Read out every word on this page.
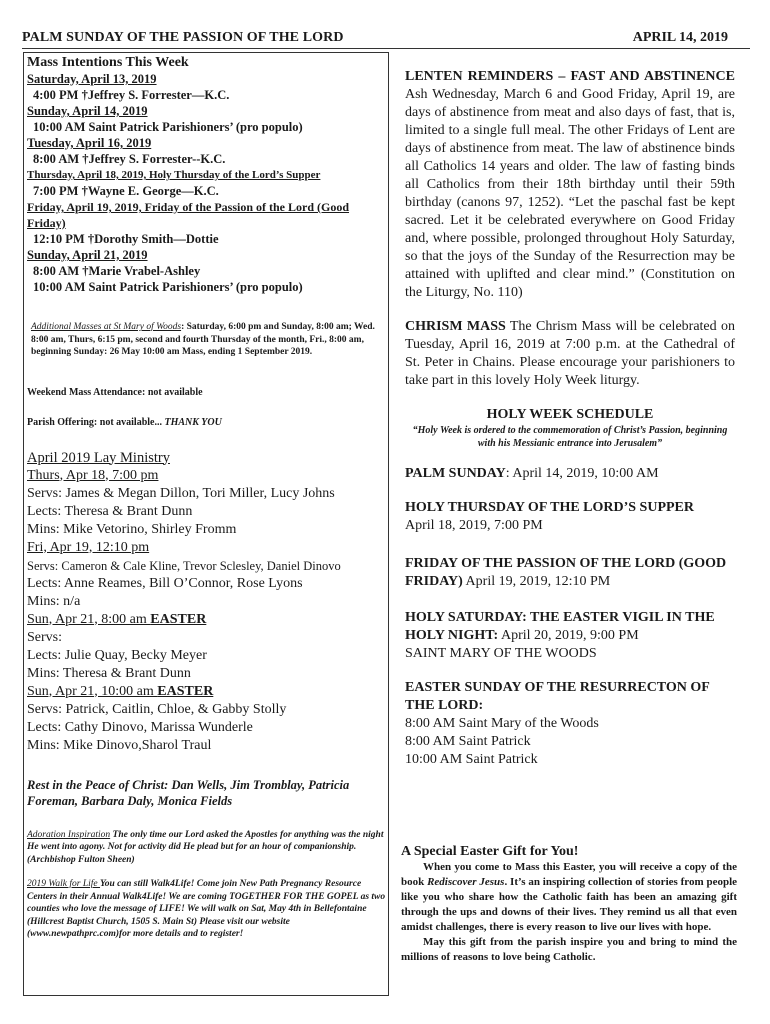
PALM SUNDAY OF THE PASSION OF THE LORD	APRIL 14, 2019
Mass Intentions This Week
Saturday, April 13, 2019
4:00 PM †Jeffrey S. Forrester—K.C.
Sunday, April 14, 2019
10:00 AM Saint Patrick Parishioners’ (pro populo)
Tuesday, April 16, 2019
8:00 AM †Jeffrey S. Forrester--K.C.
Thursday, April 18, 2019, Holy Thursday of the Lord’s Supper
7:00 PM †Wayne E. George—K.C.
Friday, April 19, 2019, Friday of the Passion of the Lord (Good Friday)
12:10 PM †Dorothy Smith—Dottie
Sunday, April 21, 2019
8:00 AM †Marie Vrabel-Ashley
10:00 AM Saint Patrick Parishioners’ (pro populo)
Additional Masses at St Mary of Woods: Saturday, 6:00 pm and Sunday, 8:00 am; Wed. 8:00 am, Thurs, 6:15 pm, second and fourth Thursday of the month, Fri., 8:00 am, beginning Sunday: 26 May 10:00 am Mass, ending 1 September 2019.
Weekend Mass Attendance: not available
Parish Offering: not available... THANK YOU
April 2019 Lay Ministry
Thurs, Apr 18, 7:00 pm
Servs: James & Megan Dillon, Tori Miller, Lucy Johns
Lects: Theresa & Brant Dunn
Mins: Mike Vetorino, Shirley Fromm
Fri, Apr 19, 12:10 pm
Servs: Cameron & Cale Kline, Trevor Sclesley, Daniel Dinovo
Lects: Anne Reames, Bill O’Connor, Rose Lyons
Mins: n/a
Sun, Apr 21, 8:00 am EASTER
Servs:
Lects: Julie Quay, Becky Meyer
Mins: Theresa & Brant Dunn
Sun, Apr 21, 10:00 am EASTER
Servs: Patrick, Caitlin, Chloe, & Gabby Stolly
Lects: Cathy Dinovo, Marissa Wunderle
Mins: Mike Dinovo,Sharol Traul
Rest in the Peace of Christ: Dan Wells, Jim Tromblay, Patricia Foreman, Barbara Daly, Monica Fields
Adoration Inspiration The only time our Lord asked the Apostles for anything was the night He went into agony. Not for activity did He plead but for an hour of companionship. (Archbishop Fulton Sheen)
2019 Walk for Life You can still Walk4Life! Come join New Path Pregnancy Resource Centers in their Annual Walk4Life! We are coming TOGETHER FOR THE GOPEL as two counties who love the message of LIFE! We will walk on Sat, May 4th in Bellefontaine (Hillcrest Baptist Church, 1505 S. Main St) Please visit our website (www.newpathprc.com)for more details and to register!
LENTEN REMINDERS – FAST AND ABSTINENCE Ash Wednesday, March 6 and Good Friday, April 19, are days of abstinence from meat and also days of fast, that is, limited to a single full meal. The other Fridays of Lent are days of abstinence from meat. The law of abstinence binds all Catholics 14 years and older. The law of fasting binds all Catholics from their 18th birthday until their 59th birthday (canons 97, 1252). “Let the paschal fast be kept sacred. Let it be celebrated everywhere on Good Friday and, where possible, prolonged throughout Holy Saturday, so that the joys of the Sunday of the Resurrection may be attained with uplifted and clear mind.” (Constitution on the Liturgy, No. 110)
CHRISM MASS The Chrism Mass will be celebrated on Tuesday, April 16, 2019 at 7:00 p.m. at the Cathedral of St. Peter in Chains. Please encourage your parishioners to take part in this lovely Holy Week liturgy.
HOLY WEEK SCHEDULE
“Holy Week is ordered to the commemoration of Christ’s Passion, beginning with his Messianic entrance into Jerusalem”
PALM SUNDAY: April 14, 2019, 10:00 AM
HOLY THURSDAY OF THE LORD’S SUPPER
April 18, 2019, 7:00 PM
FRIDAY OF THE PASSION OF THE LORD (GOOD FRIDAY) April 19, 2019, 12:10 PM
HOLY SATURDAY: THE EASTER VIGIL IN THE HOLY NIGHT: April 20, 2019, 9:00 PM
SAINT MARY OF THE WOODS
EASTER SUNDAY OF THE RESURRECTON OF THE LORD:
8:00 AM Saint Mary of the Woods
8:00 AM Saint Patrick
10:00 AM Saint Patrick
A Special Easter Gift for You!
When you come to Mass this Easter, you will receive a copy of the book Rediscover Jesus. It’s an inspiring collection of stories from people like you who share how the Catholic faith has been an amazing gift through the ups and downs of their lives. They remind us all that even amidst challenges, there is every reason to live our lives with hope.
May this gift from the parish inspire you and bring to mind the millions of reasons to love being Catholic.
